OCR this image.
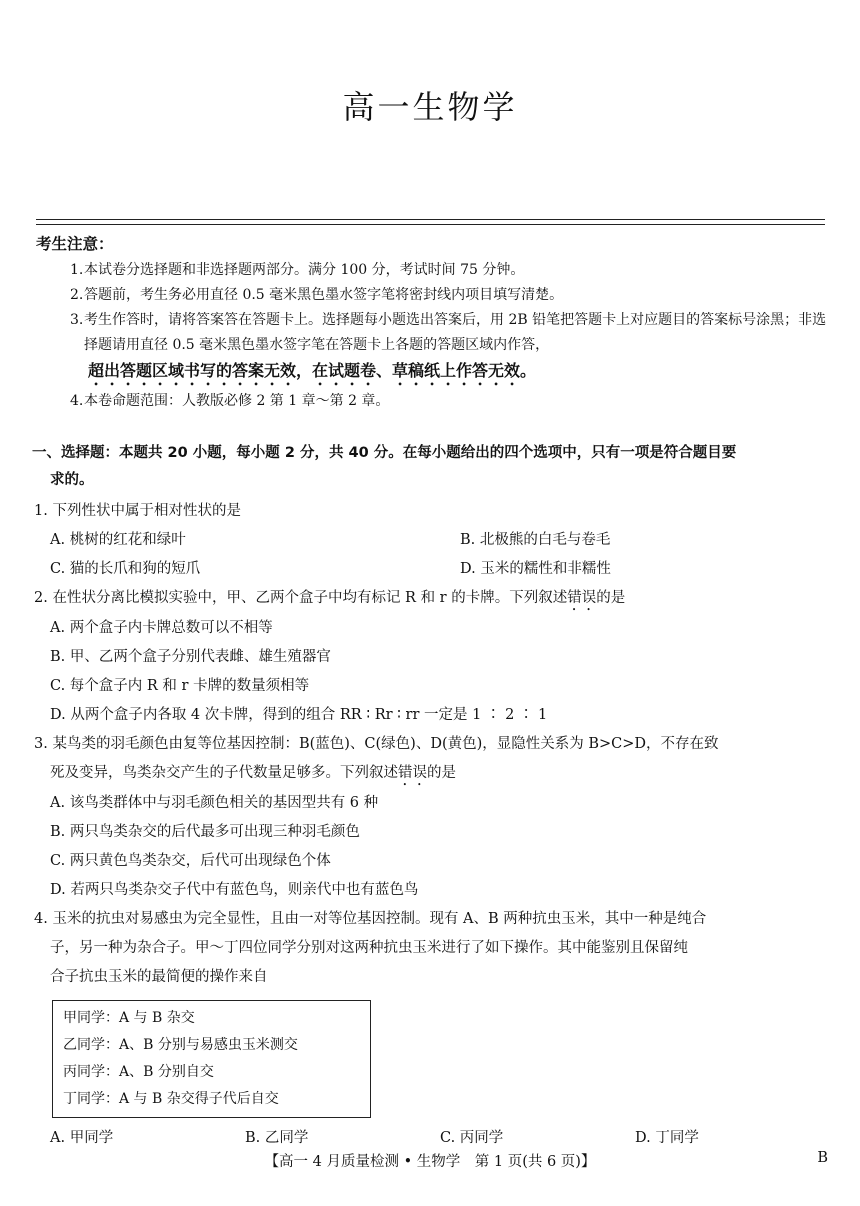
高一生物学
考生注意：
1. 本试卷分选择题和非选择题两部分。满分 100 分，考试时间 75 分钟。
2. 答题前，考生务必用直径 0.5 毫米黑色墨水签字笔将密封线内项目填写清楚。
3. 考生作答时，请将答案答在答题卡上。选择题每小题选出答案后，用 2B 铅笔把答题卡上对应题目的答案标号涂黑；非选择题请用直径 0.5 毫米黑色墨水签字笔在答题卡上各题的答题区域内作答，
超出答题区域书写的答案无效，在试题卷、草稿纸上作答无效。
4. 本卷命题范围：人教版必修 2 第 1 章～第 2 章。
一、选择题：本题共 20 小题，每小题 2 分，共 40 分。在每小题给出的四个选项中，只有一项是符合题目要
求的。
1. 下列性状中属于相对性状的是
A. 桃树的红花和绿叶	B. 北极熊的白毛与卷毛
C. 猫的长爪和狗的短爪	D. 玉米的糯性和非糯性
2. 在性状分离比模拟实验中，甲、乙两个盒子中均有标记 R 和 r 的卡牌。下列叙述错误的是
A. 两个盒子内卡牌总数可以不相等
B. 甲、乙两个盒子分别代表雌、雄生殖器官
C. 每个盒子内 R 和 r 卡牌的数量须相等
D. 从两个盒子内各取 4 次卡牌，得到的组合 RR ∶ Rr ∶ rr 一定是 1 ∶ 2 ∶ 1
3. 某鸟类的羽毛颜色由复等位基因控制：B(蓝色)、C(绿色)、D(黄色)，显隐性关系为 B>C>D，不存在致
死及变异，鸟类杂交产生的子代数量足够多。下列叙述错误的是
A. 该鸟类群体中与羽毛颜色相关的基因型共有 6 种
B. 两只鸟类杂交的后代最多可出现三种羽毛颜色
C. 两只黄色鸟类杂交，后代可出现绿色个体
D. 若两只鸟类杂交子代中有蓝色鸟，则亲代中也有蓝色鸟
4. 玉米的抗虫对易感虫为完全显性，且由一对等位基因控制。现有 A、B 两种抗虫玉米，其中一种是纯合
子，另一种为杂合子。甲～丁四位同学分别对这两种抗虫玉米进行了如下操作。其中能鉴别且保留纯
合子抗虫玉米的最简便的操作来自
甲同学：A 与 B 杂交
乙同学：A、B 分别与易感虫玉米测交
丙同学：A、B 分别自交
丁同学：A 与 B 杂交得子代后自交
A. 甲同学	B. 乙同学	C. 丙同学	D. 丁同学
【高一 4 月质量检测 • 生物学　第 1 页(共 6 页)】	B
